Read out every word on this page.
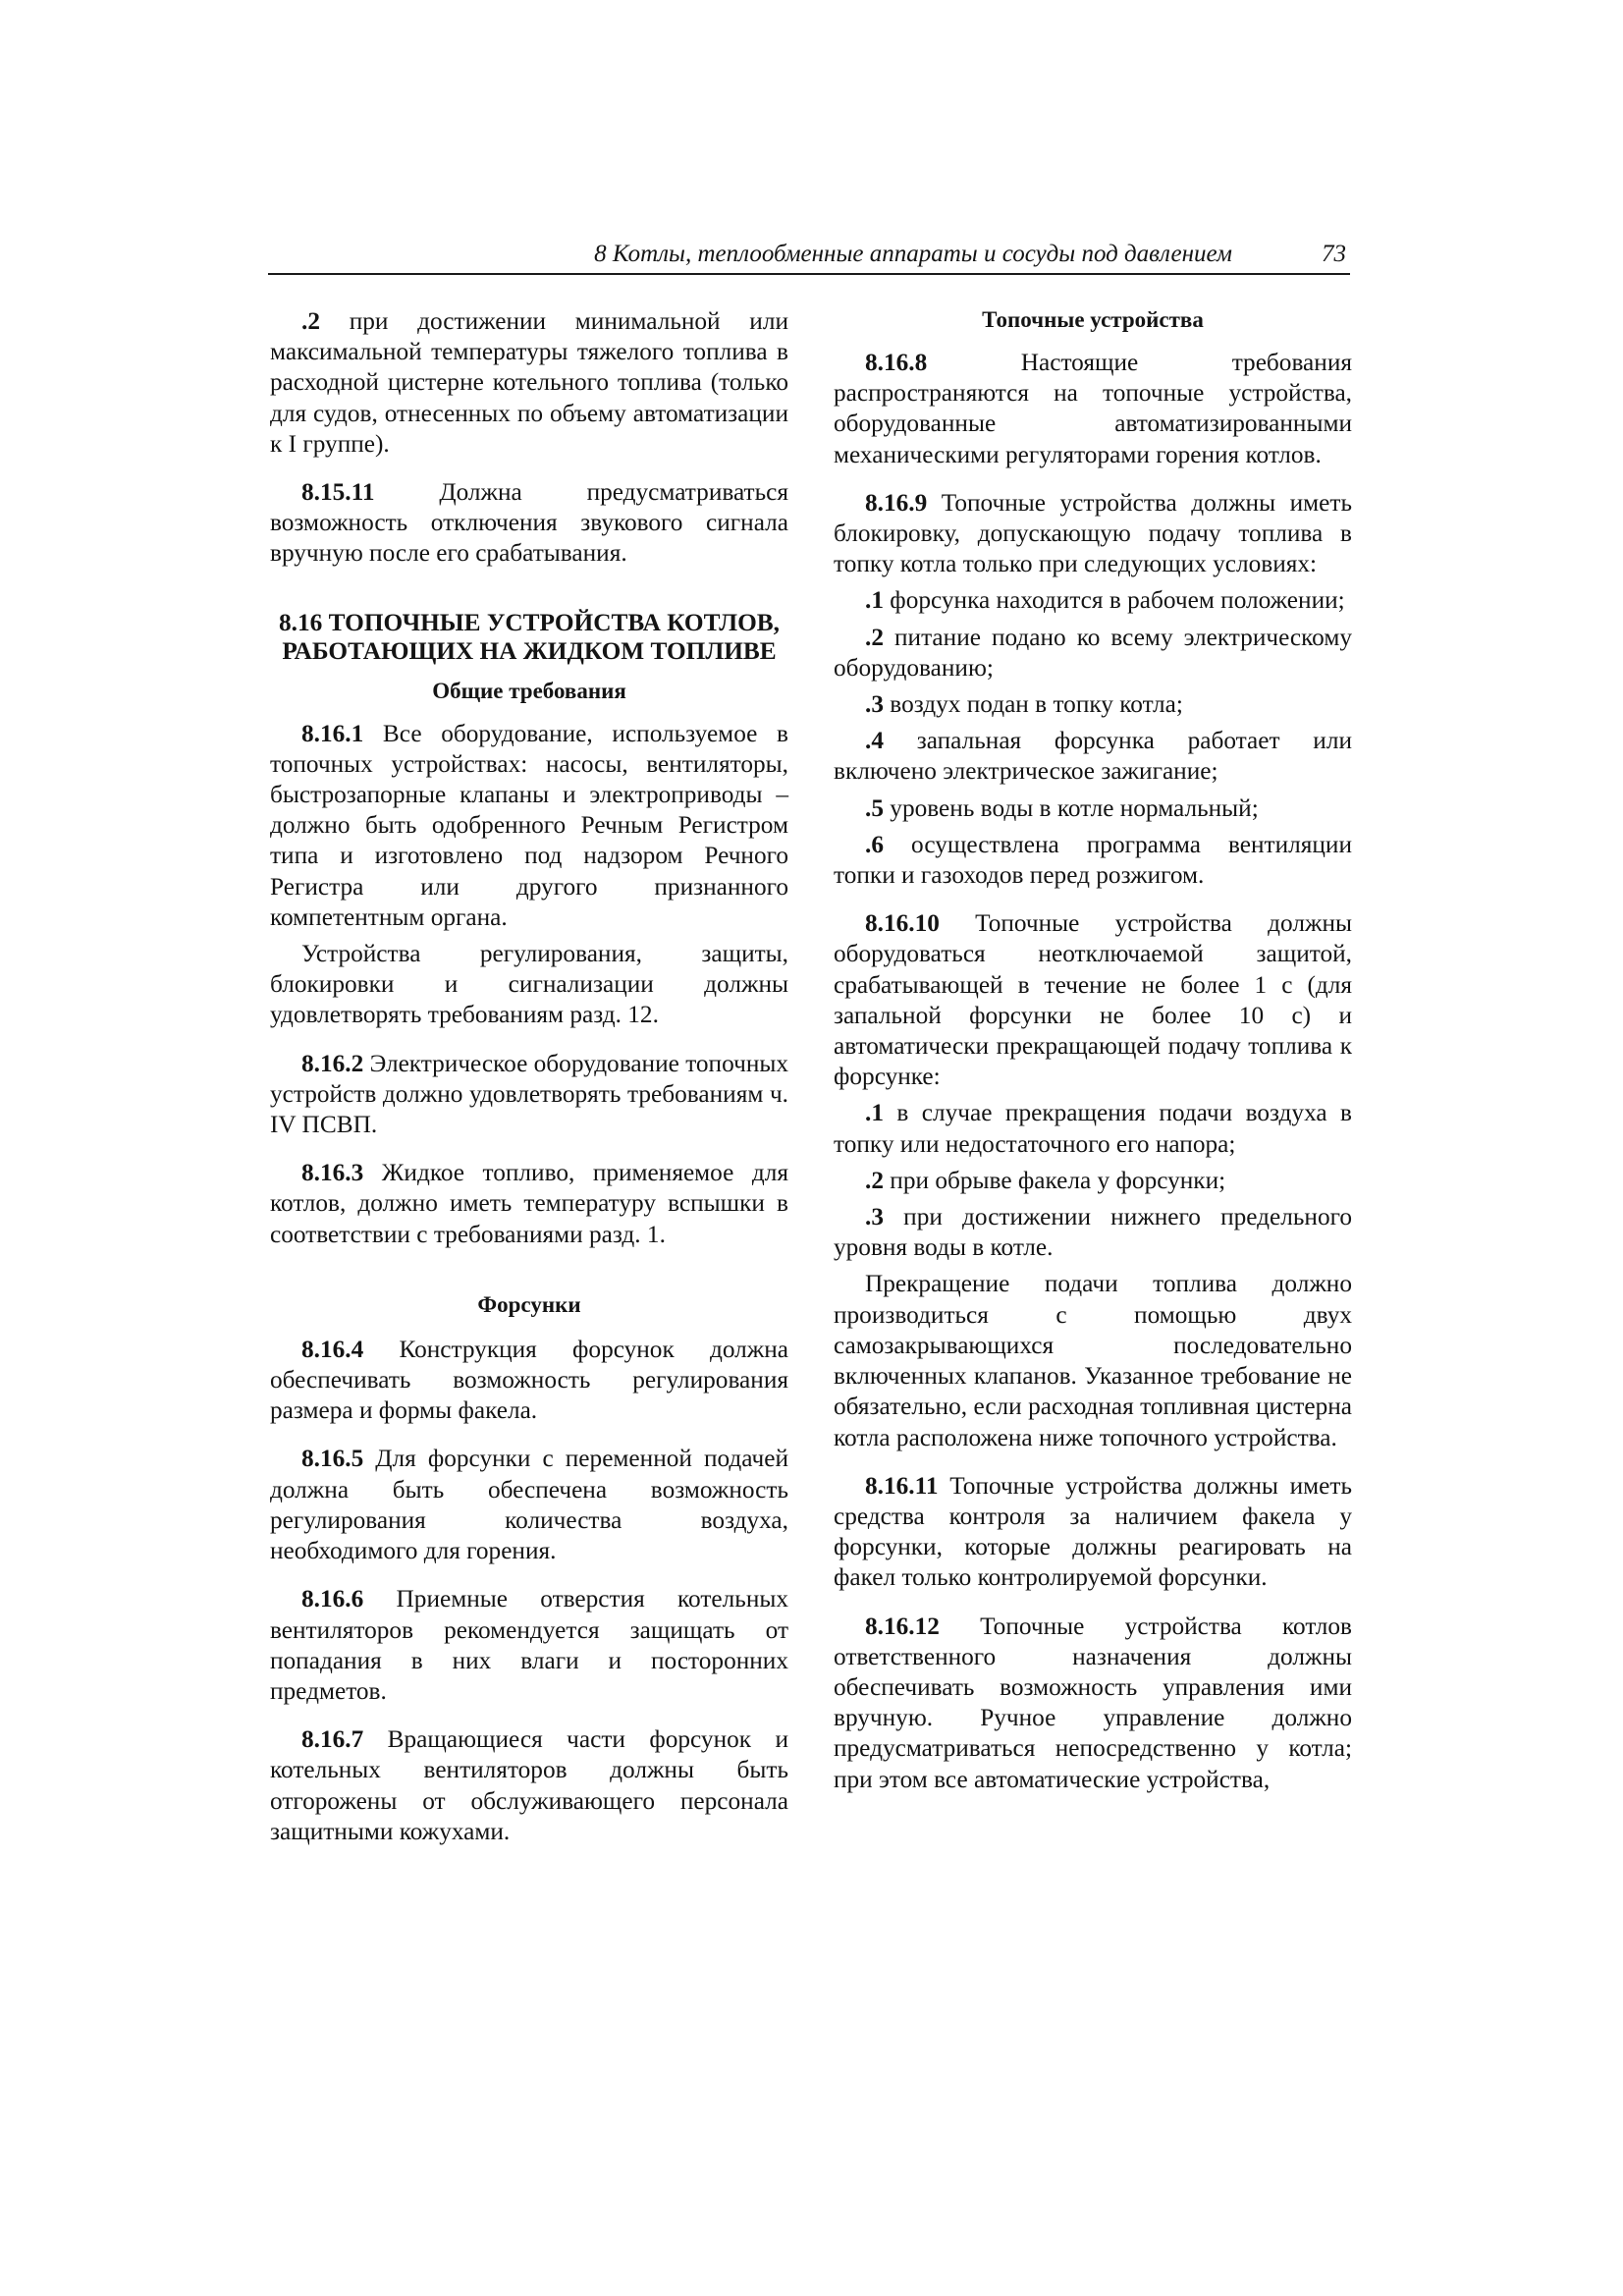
8 Котлы, теплообменные аппараты и сосуды под давлением	73

.2 при достижении минимальной или максимальной температуры тяжелого топлива в расходной цистерне котельного топлива (только для судов, отнесенных по объему автоматизации к I группе).

8.15.11 Должна предусматриваться возможность отключения звукового сигнала вручную после его срабатывания.

8.16 ТОПОЧНЫЕ УСТРОЙСТВА КОТЛОВ, РАБОТАЮЩИХ НА ЖИДКОМ ТОПЛИВЕ
Общие требования

8.16.1 Все оборудование, используемое в топочных устройствах: насосы, вентиляторы, быстрозапорные клапаны и электроприводы – должно быть одобренного Речным Регистром типа и изготовлено под надзором Речного Регистра или другого признанного компетентным органа.

Устройства регулирования, защиты, блокировки и сигнализации должны удовлетворять требованиям разд. 12.

8.16.2 Электрическое оборудование топочных устройств должно удовлетворять требованиям ч. IV ПСВП.

8.16.3 Жидкое топливо, применяемое для котлов, должно иметь температуру вспышки в соответствии с требованиями разд. 1.

Форсунки

8.16.4 Конструкция форсунок должна обеспечивать возможность регулирования размера и формы факела.

8.16.5 Для форсунки с переменной подачей должна быть обеспечена возможность регулирования количества воздуха, необходимого для горения.

8.16.6 Приемные отверстия котельных вентиляторов рекомендуется защищать от попадания в них влаги и посторонних предметов.

8.16.7 Вращающиеся части форсунок и котельных вентиляторов должны быть отгорожены от обслуживающего персонала защитными кожухами.

Топочные устройства

8.16.8 Настоящие требования распространяются на топочные устройства, оборудованные автоматизированными механическими регуляторами горения котлов.

8.16.9 Топочные устройства должны иметь блокировку, допускающую подачу топлива в топку котла только при следующих условиях:

.1 форсунка находится в рабочем положении;

.2 питание подано ко всему электрическому оборудованию;

.3 воздух подан в топку котла;

.4 запальная форсунка работает или включено электрическое зажигание;

.5 уровень воды в котле нормальный;

.6 осуществлена программа вентиляции топки и газоходов перед розжигом.

8.16.10 Топочные устройства должны оборудоваться неотключаемой защитой, срабатывающей в течение не более 1 с (для запальной форсунки не более 10 с) и автоматически прекращающей подачу топлива к форсунке:

.1 в случае прекращения подачи воздуха в топку или недостаточного его напора;

.2 при обрыве факела у форсунки;

.3 при достижении нижнего предельного уровня воды в котле.

Прекращение подачи топлива должно производиться с помощью двух самозакрывающихся последовательно включенных клапанов. Указанное требование не обязательно, если расходная топливная цистерна котла расположена ниже топочного устройства.

8.16.11 Топочные устройства должны иметь средства контроля за наличием факела у форсунки, которые должны реагировать на факел только контролируемой форсунки.

8.16.12 Топочные устройства котлов ответственного назначения должны обеспечивать возможность управления ими вручную. Ручное управление должно предусматриваться непосредственно у котла; при этом все автоматические устройства,
